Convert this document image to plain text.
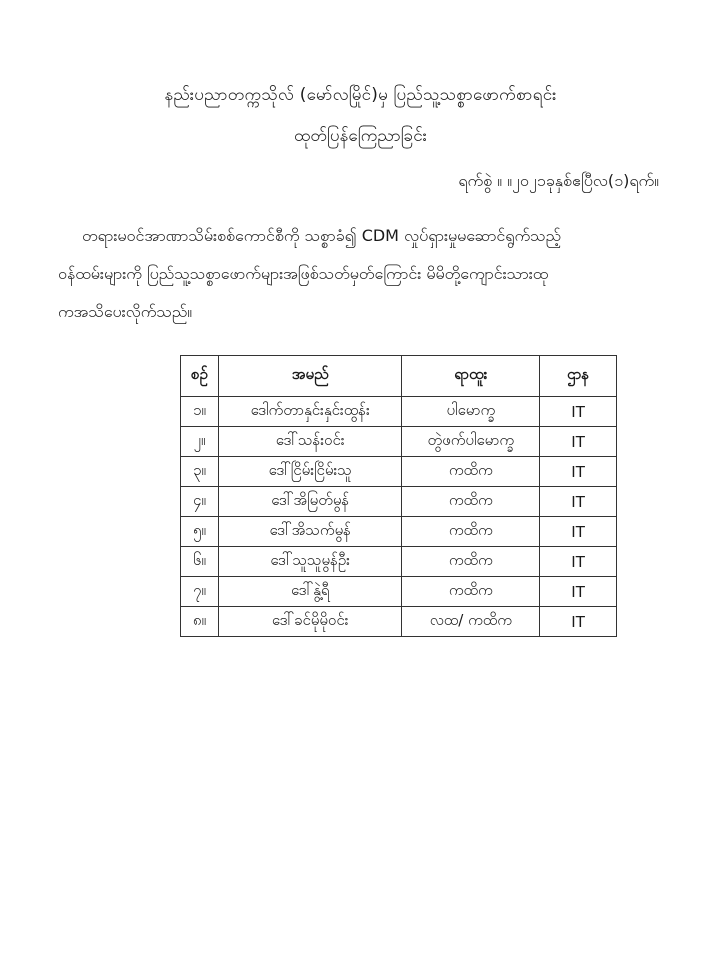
နည်းပညာတက္ကသိုလ် (မော်လမြိုင်)မှ ပြည်သူ့သစ္စာဖောက်စာရင်း
ထုတ်ပြန်ကြေညာခြင်း
ရက်စွဲ ။ ။၂၀၂၁ခုနှစ်ဧပြီလ(၁)ရက်။
တရားမဝင်အာဏာသိမ်းစစ်ကောင်စီကို သစ္စာခံ၍ CDM လှုပ်ရှားမှုမဆောင်ရွက်သည့်
ဝန်ထမ်းများကို ပြည်သူ့သစ္စာဖောက်များအဖြစ်သတ်မှတ်ကြောင်း မိမိတို့ကျောင်းသားထု
ကအသိပေးလိုက်သည်။
စဉ်	အမည်	ရာထူး	ဌာန
၁။	ဒေါက်တာနှင်းနှင်းထွန်း	ပါမောက္ခ	IT
၂။	ဒေါ်သန်းဝင်း	တွဲဖက်ပါမောက္ခ	IT
၃။	ဒေါ်ငြိမ်းငြိမ်းသူ	ကထိက	IT
၄။	ဒေါ်အိမြတ်မွန်	ကထိက	IT
၅။	ဒေါ်အိသက်မွန်	ကထိက	IT
၆။	ဒေါ်သူသူမွန်ဦး	ကထိက	IT
၇။	ဒေါ်နွဲ့ရီ	ကထိက	IT
၈။	ဒေါ်ခင်မိုမိုဝင်း	လထ/ ကထိက	IT
